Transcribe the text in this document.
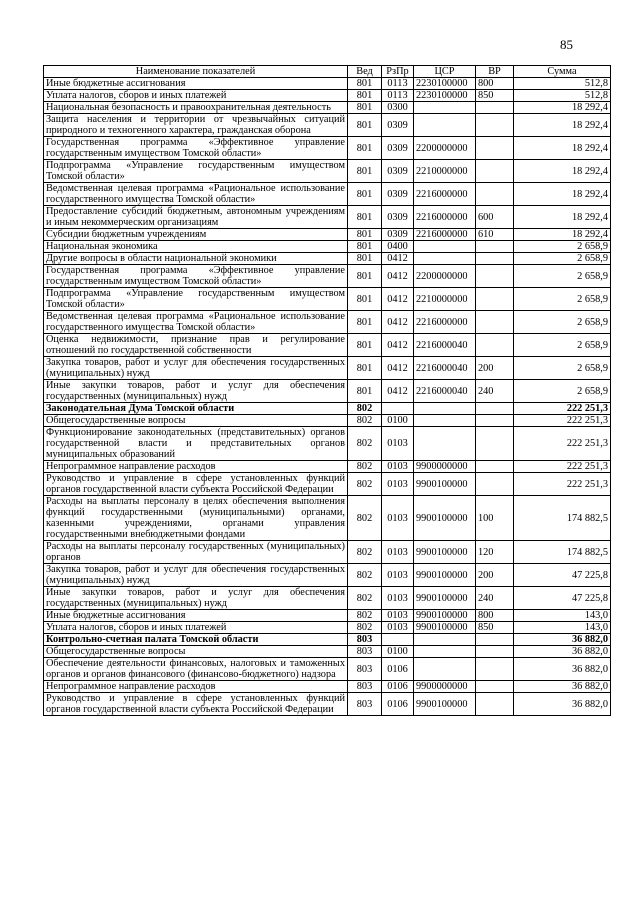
85
Наименование показателей	Вед	РзПр	ЦСР	ВР	Сумма
Иные бюджетные ассигнования	801	0113	2230100000	800	512,8
Уплата налогов, сборов и иных платежей	801	0113	2230100000	850	512,8
Национальная безопасность и правоохранительная деятельность	801	0300			18 292,4
Защита населения и территории от чрезвычайных ситуаций природного и техногенного характера, гражданская оборона	801	0309			18 292,4
Государственная программа «Эффективное управление государственным имуществом Томской области»	801	0309	2200000000		18 292,4
Подпрограмма «Управление государственным имуществом Томской области»	801	0309	2210000000		18 292,4
Ведомственная целевая программа «Рациональное использование государственного имущества Томской области»	801	0309	2216000000		18 292,4
Предоставление субсидий бюджетным, автономным учреждениям и иным некоммерческим организациям	801	0309	2216000000	600	18 292,4
Субсидии бюджетным учреждениям	801	0309	2216000000	610	18 292,4
Национальная экономика	801	0400			2 658,9
Другие вопросы в области национальной экономики	801	0412			2 658,9
Государственная программа «Эффективное управление государственным имуществом Томской области»	801	0412	2200000000		2 658,9
Подпрограмма «Управление государственным имуществом Томской области»	801	0412	2210000000		2 658,9
Ведомственная целевая программа «Рациональное использование государственного имущества Томской области»	801	0412	2216000000		2 658,9
Оценка недвижимости, признание прав и регулирование отношений по государственной собственности	801	0412	2216000040		2 658,9
Закупка товаров, работ и услуг для обеспечения государственных (муниципальных) нужд	801	0412	2216000040	200	2 658,9
Иные закупки товаров, работ и услуг для обеспечения государственных (муниципальных) нужд	801	0412	2216000040	240	2 658,9
Законодательная Дума Томской области	802				222 251,3
Общегосударственные вопросы	802	0100			222 251,3
Функционирование законодательных (представительных) органов государственной власти и представительных органов муниципальных образований	802	0103			222 251,3
Непрограммное направление расходов	802	0103	9900000000		222 251,3
Руководство и управление в сфере установленных функций органов государственной власти субъекта Российской Федерации	802	0103	9900100000		222 251,3
Расходы на выплаты персоналу в целях обеспечения выполнения функций государственными (муниципальными) органами, казенными учреждениями, органами управления государственными внебюджетными фондами	802	0103	9900100000	100	174 882,5
Расходы на выплаты персоналу государственных (муниципальных) органов	802	0103	9900100000	120	174 882,5
Закупка товаров, работ и услуг для обеспечения государственных (муниципальных) нужд	802	0103	9900100000	200	47 225,8
Иные закупки товаров, работ и услуг для обеспечения государственных (муниципальных) нужд	802	0103	9900100000	240	47 225,8
Иные бюджетные ассигнования	802	0103	9900100000	800	143,0
Уплата налогов, сборов и иных платежей	802	0103	9900100000	850	143,0
Контрольно-счетная палата Томской области	803				36 882,0
Общегосударственные вопросы	803	0100			36 882,0
Обеспечение деятельности финансовых, налоговых и таможенных органов и органов финансового (финансово-бюджетного) надзора	803	0106			36 882,0
Непрограммное направление расходов	803	0106	9900000000		36 882,0
Руководство и управление в сфере установленных функций органов государственной власти субъекта Российской Федерации	803	0106	9900100000		36 882,0
